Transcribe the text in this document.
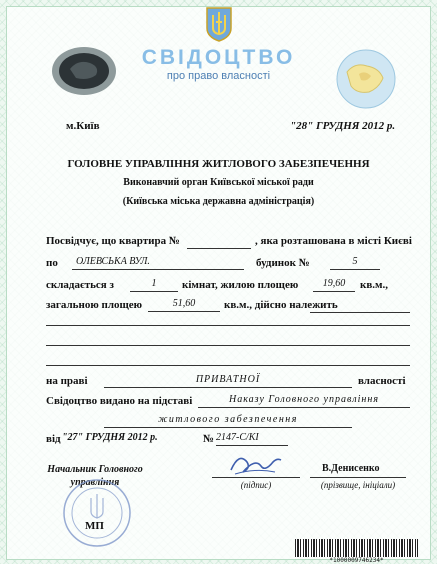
СВІДОЦТВО
про право власності
м.Київ	"28" ГРУДНЯ 2012 р.
ГОЛОВНЕ УПРАВЛІННЯ ЖИТЛОВОГО ЗАБЕЗПЕЧЕННЯ
Виконавчий орган Київської міської ради
(Київська міська державна адміністрація)
Посвідчує, що квартира №	, яка розташована в місті Києві
по	ОЛЕВСЬКА ВУЛ.	будинок №	5
складається з	1	кімнат, жилою площею	19,60	кв.м.,
загальною площею	51,60	кв.м., дійсно належить
на праві	ПРИВАТНОЇ	власності
Свідоцтво видано на підставі	Наказу Головного управління
житлового забезпечення
від "27" ГРУДНЯ 2012 р.	№ 2147-С/КІ
Начальник Головного
управління	(підпис)
В.Денисенко
(прізвище, ініціали)
МП
*1000009746234*
